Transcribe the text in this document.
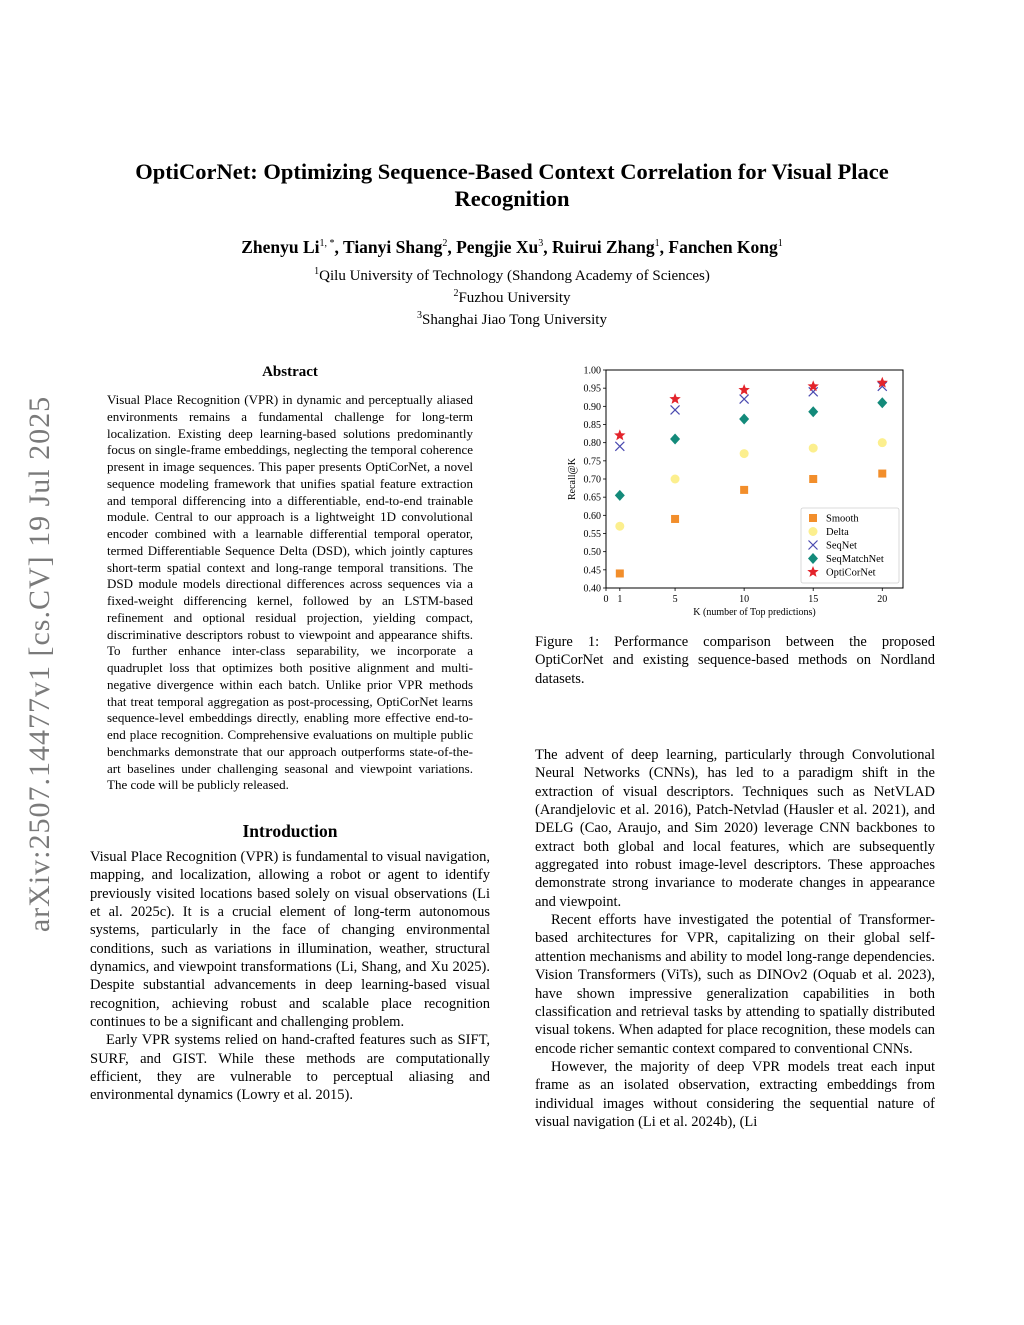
arXiv:2507.14477v1 [cs.CV] 19 Jul 2025
OptiCorNet: Optimizing Sequence-Based Context Correlation for Visual Place Recognition
Zhenyu $Li^{1, *}$, Tianyi Shang$^2$, Pengjie Xu$^3$, Ruirui Zhang$^1$, Fanchen Kong$^1$
$^1$Qilu University of Technology (Shandong Academy of Sciences)
$^2$Fuzhou University
$^3$Shanghai Jiao Tong University
Abstract

Visual Place Recognition (VPR) in dynamic and perceptually aliased environments remains a fundamental challenge for long-term localization. Existing deep learning-based solutions predominantly focus on single-frame embeddings, neglecting the temporal coherence present in image sequences. This paper presents OptiCorNet, a novel sequence modeling framework that unifies spatial feature extraction and temporal differencing into a differentiable, end-to-end trainable module. Central to our approach is a lightweight 1D convolutional encoder combined with a learnable differential temporal operator, termed Differentiable Sequence Delta (DSD), which jointly captures short-term spatial context and long-range temporal transitions. The DSD module models directional differences across sequences via a fixed-weight differencing kernel, followed by an LSTM-based refinement and optional residual projection, yielding compact, discriminative descriptors robust to viewpoint and appearance shifts. To further enhance inter-class separability, we incorporate a quadruplet loss that optimizes both positive alignment and multi-negative divergence within each batch. Unlike prior VPR methods that treat temporal aggregation as post-processing, OptiCorNet learns sequence-level embeddings directly, enabling more effective end-to-end place recognition. Comprehensive evaluations on multiple public benchmarks demonstrate that our approach outperforms state-of-the-art baselines under challenging seasonal and viewpoint variations. The code will be publicly released.

Introduction

Visual Place Recognition (VPR) is fundamental to visual navigation, mapping, and localization, allowing a robot or agent to identify previously visited locations based solely on visual observations (Li et al. 2025c). It is a crucial element of long-term autonomous systems, particularly in the face of changing environmental conditions, such as variations in illumination, weather, structural dynamics, and viewpoint transformations (Li, Shang, and Xu 2025). Despite substantial advancements in deep learning-based visual recognition, achieving robust and scalable place recognition continues to be a significant and challenging problem.

Early VPR systems relied on hand-crafted features such as SIFT, SURF, and GIST. While these methods are computationally efficient, they are vulnerable to perceptual aliasing and environmental dynamics (Lowry et al. 2015).

0.40
0.45
0.50
0.55
0.60
0.65
0.70
0.75
0.80
0.85
0.90
0.95
1.00
0 1	5	10	15	20
K (number of Top predictions)
Recall@K
Smooth
Delta
SeqNet
SeqMatchNet
OptiCorNet

Figure 1: Performance comparison between the proposed OptiCorNet and existing sequence-based methods on Nordland datasets.

The advent of deep learning, particularly through Convolutional Neural Networks (CNNs), has led to a paradigm shift in the extraction of visual descriptors. Techniques such as NetVLAD (Arandjelovic et al. 2016), Patch-Netvlad (Hausler et al. 2021), and DELG (Cao, Araujo, and Sim 2020) leverage CNN backbones to extract both global and local features, which are subsequently aggregated into robust image-level descriptors. These approaches demonstrate strong invariance to moderate changes in appearance and viewpoint.

Recent efforts have investigated the potential of Transformer-based architectures for VPR, capitalizing on their global self-attention mechanisms and ability to model long-range dependencies. Vision Transformers (ViTs), such as DINOv2 (Oquab et al. 2023), have shown impressive generalization capabilities in both classification and retrieval tasks by attending to spatially distributed visual tokens. When adapted for place recognition, these models can encode richer semantic context compared to conventional CNNs.

However, the majority of deep VPR models treat each input frame as an isolated observation, extracting embeddings from individual images without considering the sequential nature of visual navigation (Li et al. 2024b), (Li
